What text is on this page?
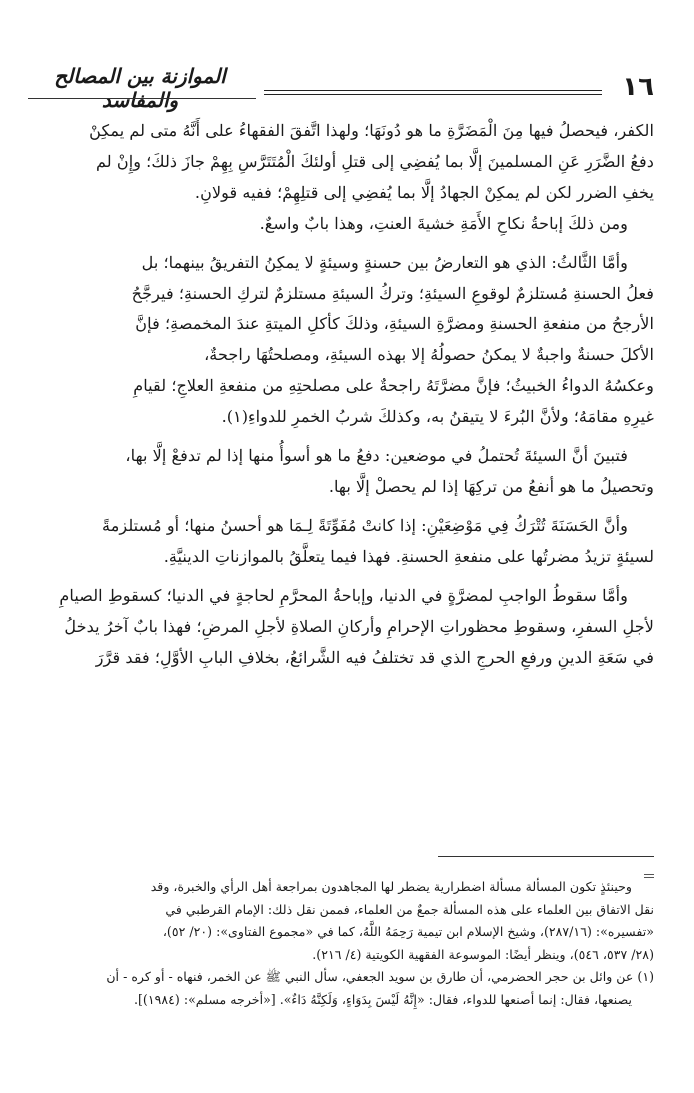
١٦
الموازنة بين المصالح والمفاسد

الكفر، فيحصلُ فيها مِنَ الْمَضَرَّةِ ما هو دُونَهَا؛ ولهذا اتَّفقَ الفقهاءُ على أَنَّهُ متى لم يمكِنْ

دفعُ الضَّرَرِ عَنِ المسلمينَ إلَّا بما يُفضِي إلى قتلِ أولئكَ الْمُتَتَرَّسِ بِهِمْ جازَ ذلكَ؛ وإِنْ لم

يخفِ الضرر لكن لم يمكِنْ الجهادُ إلَّا بما يُفضِي إلى قتلِهِمْ؛ ففيه قولانِ.

ومن ذلكَ إباحةُ نكاحِ الأَمَةِ خشيةَ العنتِ، وهذا بابٌ واسعٌ.

وأمَّا الثَّالثُ: الذي هو التعارضُ بين حسنةٍ وسيئةٍ لا يمكِنُ التفريقُ بينهما؛ بل

فعلُ الحسنةِ مُستلزمٌ لوقوعِ السيئةِ؛ وتركُ السيئةِ مستلزمٌ لتركِ الحسنةِ؛ فيرجَّحُ

الأرجحُ من منفعةِ الحسنةِ ومضرَّةِ السيئةِ، وذلكَ كأكلِ الميتةِ عندَ المخمصةِ؛ فإنَّ

الأكلَ حسنةٌ واجبةٌ لا يمكنُ حصولُهُ إلا بهذه السيئةِ، ومصلحتُهَا راجحةٌ،

وعكسُهُ الدواءُ الخبيثُ؛ فإنَّ مضرَّتَهُ راجحةٌ على مصلحتِهِ من منفعةِ العلاجِ؛ لقيامِ

غيرِهِ مقامَهُ؛ ولأنَّ البُرءَ لا يتيقنُ به، وكذلكَ شربُ الخمرِ للدواءِ(١).

فتبينَ أنَّ السيئةَ تُحتملُ في موضعين: دفعُ ما هو أسوأُ منها إذا لم تدفعْ إلَّا بها،

وتحصيلُ ما هو أنفعُ من تركِهَا إذا لم يحصلْ إلَّا بها.

وأنَّ الحَسَنَةَ تُتْرَكُ فِي مَوْضِعَيْنِ: إذا كانتْ مُفَوِّتَةً لِـمَا هو أحسنُ منها؛ أو مُستلزمةً

لسيئةٍ تزيدُ مضرتُها على منفعةِ الحسنةِ. فهذا فيما يتعلَّقُ بالموازناتِ الدينيَّةِ.

وأمَّا سقوطُ الواجبِ لمضرَّةٍ في الدنيا، وإباحةُ المحرَّمِ لحاجةٍ في الدنيا؛ كسقوطِ الصيامِ

لأجلِ السفرِ، وسقوطِ محظوراتِ الإحرامِ وأركانِ الصلاةِ لأجلِ المرضِ؛ فهذا بابٌ آخرُ يدخلُ

في سَعَةِ الدينِ ورفعِ الحرجِ الذي قد تختلفُ فيه الشَّرائعُ، بخلافِ البابِ الأوَّلِ؛ فقد قرَّرَ

وحينئذٍ تكون المسألة مسألة اضطرارية يضطر لها المجاهدون بمراجعة أهل الرأي والخبرة، وقد

نقل الاتفاق بين العلماء على هذه المسألة جمعٌ من العلماء، فممن نقل ذلك: الإمام القرطبي في

«تفسيره»: (٢٨٧/١٦)، وشيخ الإسلام ابن تيمية رَحِمَهُ اللَّهُ، كما في «مجموع الفتاوى»: (٢٠/ ٥٢)،

(٢٨/ ٥٣٧، ٥٤٦)، وينظر أيضًا: الموسوعة الفقهية الكويتية (٤/ ٢١٦).

(١) عن وائل بن حجر الحضرمي، أن طارق بن سويد الجعفي، سأل النبي ﷺ عن الخمر، فنهاه - أو كره - أن

يصنعها، فقال: إنما أصنعها للدواء، فقال: «إِنَّهُ لَيْسَ بِدَوَاءٍ، وَلَكِنَّهُ دَاءٌ». [«أخرجه مسلم»: (١٩٨٤)].
